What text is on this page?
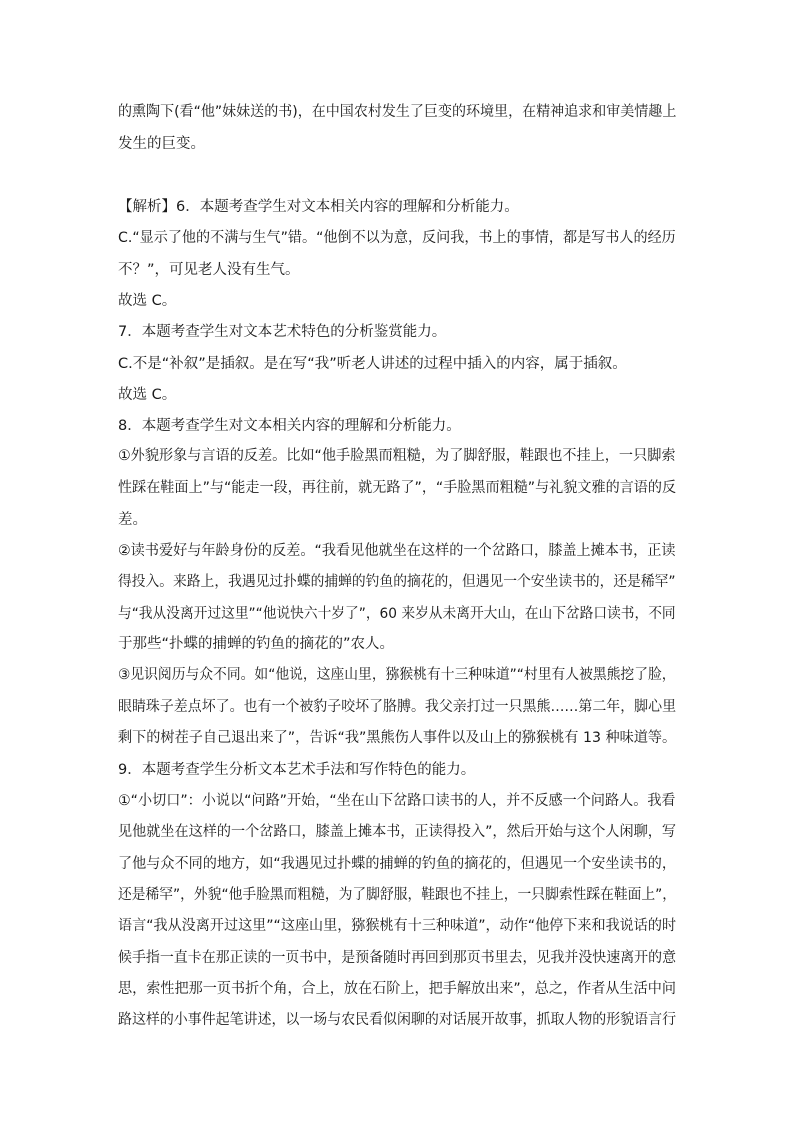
的熏陶下(看“他”妹妹送的书)，在中国农村发生了巨变的环境里，在精神追求和审美情趣上
发生的巨变。
【解析】6．本题考查学生对文本相关内容的理解和分析能力。
C.“显示了他的不满与生气”错。“他倒不以为意，反问我，书上的事情，都是写书人的经历
不？”，可见老人没有生气。
故选 C。
7．本题考查学生对文本艺术特色的分析鉴赏能力。
C.不是“补叙”是插叙。是在写“我”听老人讲述的过程中插入的内容，属于插叙。
故选 C。
8．本题考查学生对文本相关内容的理解和分析能力。
①外貌形象与言语的反差。比如“他手脸黑而粗糙，为了脚舒服，鞋跟也不挂上，一只脚索
性踩在鞋面上”与“能走一段，再往前，就无路了”，“手脸黑而粗糙”与礼貌文雅的言语的反
差。
②读书爱好与年龄身份的反差。“我看见他就坐在这样的一个岔路口，膝盖上摊本书，正读
得投入。来路上，我遇见过扑蝶的捕蝉的钓鱼的摘花的，但遇见一个安坐读书的，还是稀罕”
与“我从没离开过这里”“他说快六十岁了”，60 来岁从未离开大山，在山下岔路口读书，不同
于那些“扑蝶的捕蝉的钓鱼的摘花的”农人。
③见识阅历与众不同。如“他说，这座山里，猕猴桃有十三种味道”“村里有人被黑熊挖了脸，
眼睛珠子差点坏了。也有一个被豹子咬坏了胳膊。我父亲打过一只黑熊……第二年，脚心里
剩下的树茬子自己退出来了”，告诉“我”黑熊伤人事件以及山上的猕猴桃有 13 种味道等。
9．本题考查学生分析文本艺术手法和写作特色的能力。
①“小切口”：小说以“问路”开始，“坐在山下岔路口读书的人，并不反感一个问路人。我看
见他就坐在这样的一个岔路口，膝盖上摊本书，正读得投入”，然后开始与这个人闲聊，写
了他与众不同的地方，如“我遇见过扑蝶的捕蝉的钓鱼的摘花的，但遇见一个安坐读书的，
还是稀罕”，外貌“他手脸黑而粗糙，为了脚舒服，鞋跟也不挂上，一只脚索性踩在鞋面上”，
语言“我从没离开过这里”“这座山里，猕猴桃有十三种味道”，动作“他停下来和我说话的时
候手指一直卡在那正读的一页书中，是预备随时再回到那页书里去，见我并没快速离开的意
思，索性把那一页书折个角，合上，放在石阶上，把手解放出来”，总之，作者从生活中问
路这样的小事件起笔讲述，以一场与农民看似闲聊的对话展开故事，抓取人物的形貌语言行
